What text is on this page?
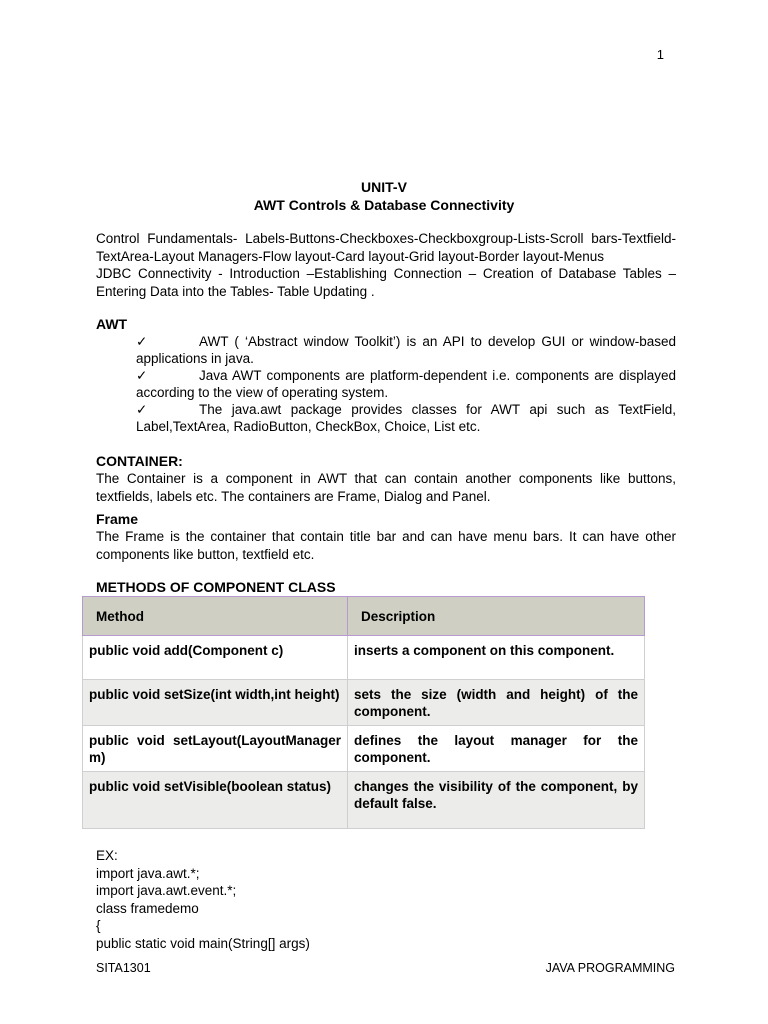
1
UNIT-V
AWT Controls & Database Connectivity
Control Fundamentals- Labels-Buttons-Checkboxes-Checkboxgroup-Lists-Scroll bars-Textfield-TextArea-Layout Managers-Flow layout-Card layout-Grid layout-Border layout-Menus
JDBC Connectivity - Introduction –Establishing Connection – Creation of Database Tables – Entering Data into the Tables- Table Updating .
AWT
✓	AWT ( ‘Abstract window Toolkit’) is an API to develop GUI or window-based applications in java.
✓	Java AWT components are platform-dependent i.e. components are displayed according to the view of operating system.
✓	The java.awt package provides classes for AWT api such as TextField, Label,TextArea, RadioButton, CheckBox, Choice, List etc.
CONTAINER:
The Container is a component in AWT that can contain another components like buttons, textfields, labels etc. The containers are Frame, Dialog and Panel.
Frame
The Frame is the container that contain title bar and can have menu bars. It can have other components like button, textfield etc.
METHODS OF COMPONENT CLASS
Method	Description

public void add(Component c)	inserts a component on this component.

public void setSize(int width,int height)	sets the size (width and height) of the component.

public void setLayout(LayoutManager m)	defines the layout manager for the component.

public void setVisible(boolean status)	changes the visibility of the component, by default false.
EX:
import java.awt.*;
import java.awt.event.*;
class framedemo
{
public static void main(String[] args)
SITA1301	JAVA PROGRAMMING
